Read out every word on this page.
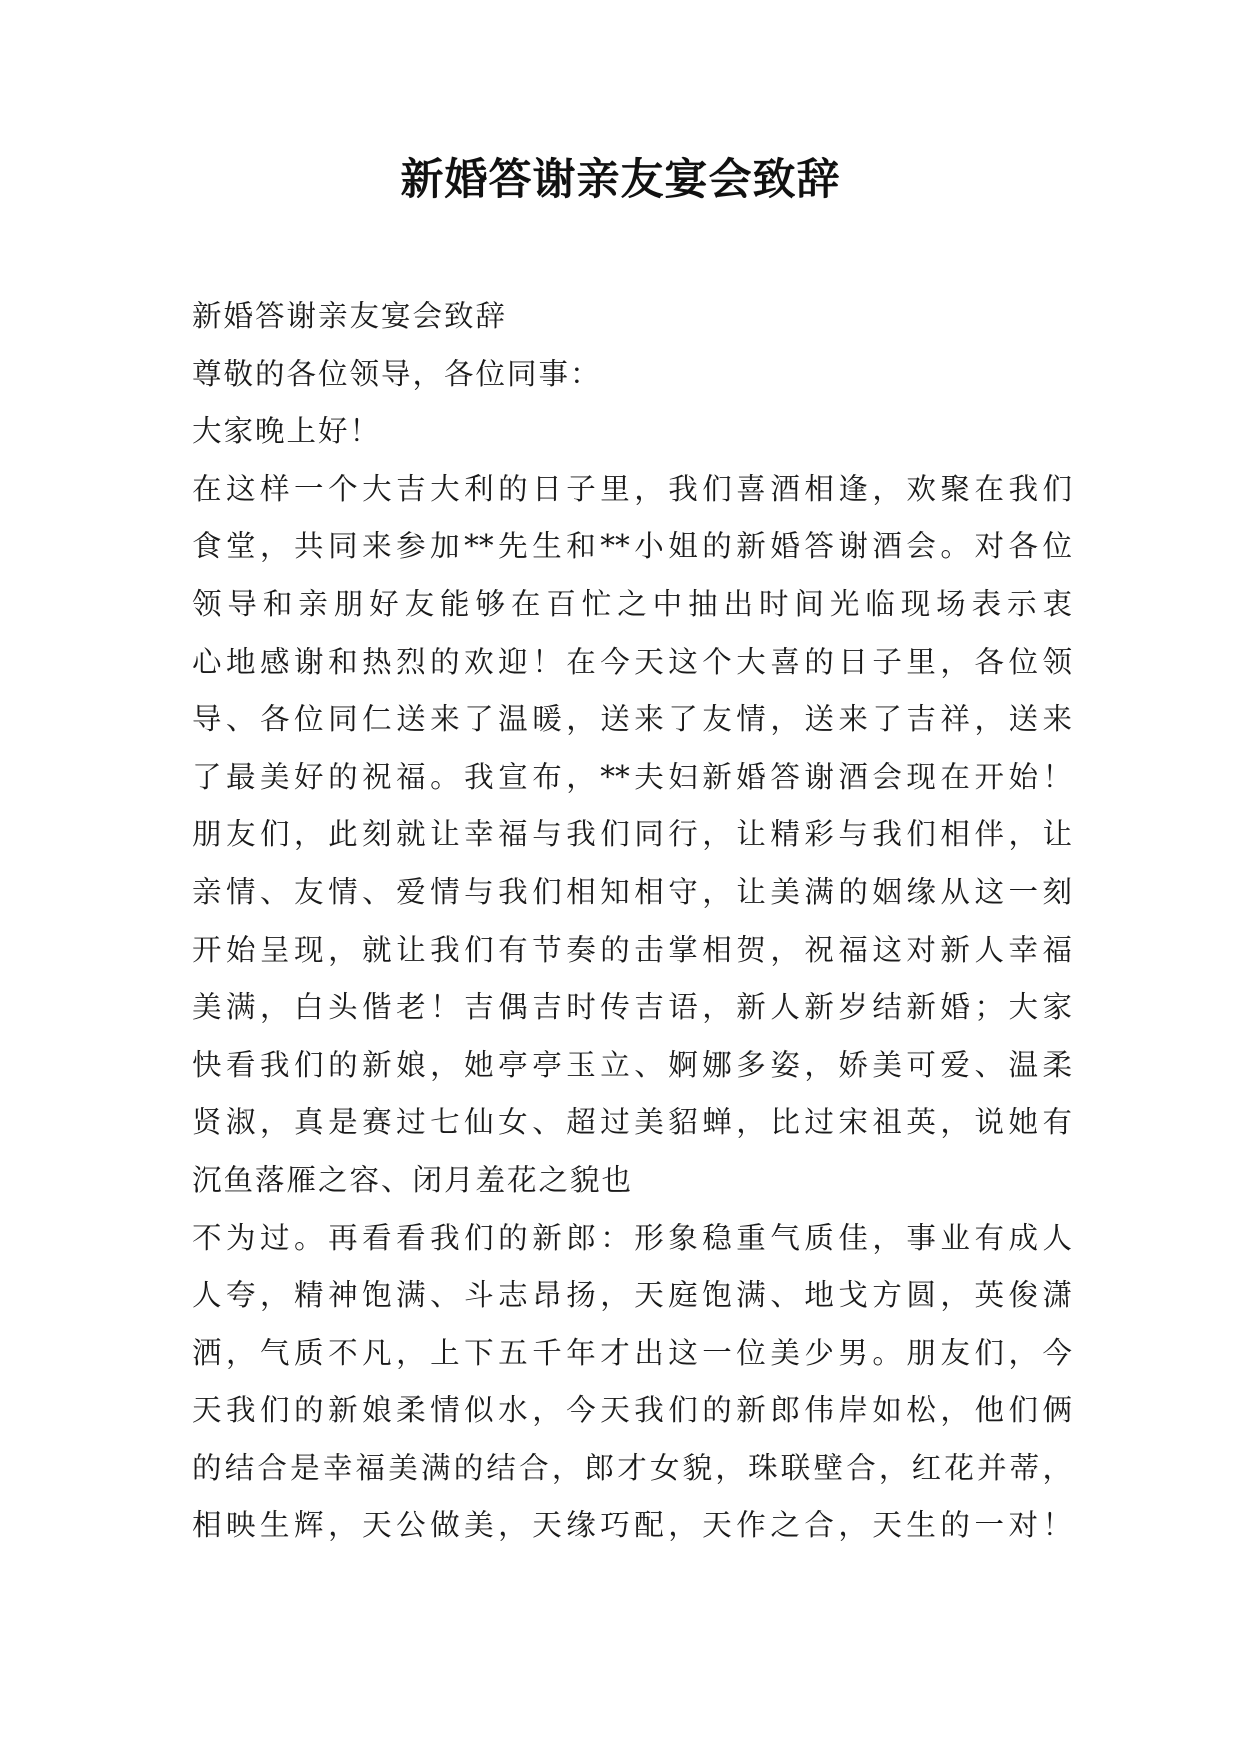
新婚答谢亲友宴会致辞
新婚答谢亲友宴会致辞
尊敬的各位领导，各位同事：
大家晚上好！
在这样一个大吉大利的日子里，我们喜酒相逢，欢聚在我们
食堂，共同来参加**先生和**小姐的新婚答谢酒会。对各位
领导和亲朋好友能够在百忙之中抽出时间光临现场表示衷
心地感谢和热烈的欢迎！在今天这个大喜的日子里，各位领
导、各位同仁送来了温暖，送来了友情，送来了吉祥，送来
了最美好的祝福。我宣布，**夫妇新婚答谢酒会现在开始！
朋友们，此刻就让幸福与我们同行，让精彩与我们相伴，让
亲情、友情、爱情与我们相知相守，让美满的姻缘从这一刻
开始呈现，就让我们有节奏的击掌相贺，祝福这对新人幸福
美满，白头偕老！吉偶吉时传吉语，新人新岁结新婚；大家
快看我们的新娘，她亭亭玉立、婀娜多姿，娇美可爱、温柔
贤淑，真是赛过七仙女、超过美貂蝉，比过宋祖英，说她有
沉鱼落雁之容、闭月羞花之貌也
不为过。再看看我们的新郎：形象稳重气质佳，事业有成人
人夸，精神饱满、斗志昂扬，天庭饱满、地戈方圆，英俊潇
洒，气质不凡，上下五千年才出这一位美少男。朋友们，今
天我们的新娘柔情似水，今天我们的新郎伟岸如松，他们俩
的结合是幸福美满的结合，郎才女貌，珠联壁合，红花并蒂，
相映生辉，天公做美，天缘巧配，天作之合，天生的一对！
